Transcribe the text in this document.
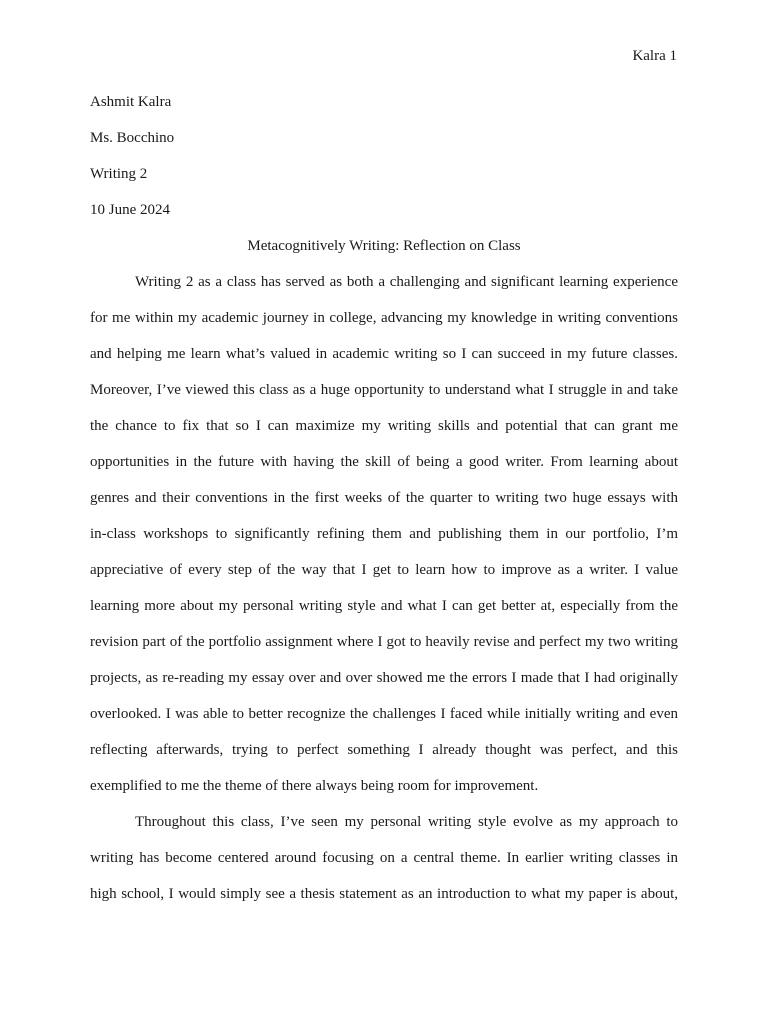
Kalra 1
Ashmit Kalra
Ms. Bocchino
Writing 2
10 June 2024
Metacognitively Writing: Reflection on Class
Writing 2 as a class has served as both a challenging and significant learning experience
for me within my academic journey in college, advancing my knowledge in writing conventions
and helping me learn what’s valued in academic writing so I can succeed in my future classes.
Moreover, I’ve viewed this class as a huge opportunity to understand what I struggle in and take
the chance to fix that so I can maximize my writing skills and potential that can grant me
opportunities in the future with having the skill of being a good writer. From learning about
genres and their conventions in the first weeks of the quarter to writing two huge essays with
in-class workshops to significantly refining them and publishing them in our portfolio, I’m
appreciative of every step of the way that I get to learn how to improve as a writer. I value
learning more about my personal writing style and what I can get better at, especially from the
revision part of the portfolio assignment where I got to heavily revise and perfect my two writing
projects, as re-reading my essay over and over showed me the errors I made that I had originally
overlooked. I was able to better recognize the challenges I faced while initially writing and even
reflecting afterwards, trying to perfect something I already thought was perfect, and this
exemplified to me the theme of there always being room for improvement.
Throughout this class, I’ve seen my personal writing style evolve as my approach to
writing has become centered around focusing on a central theme. In earlier writing classes in
high school, I would simply see a thesis statement as an introduction to what my paper is about,
